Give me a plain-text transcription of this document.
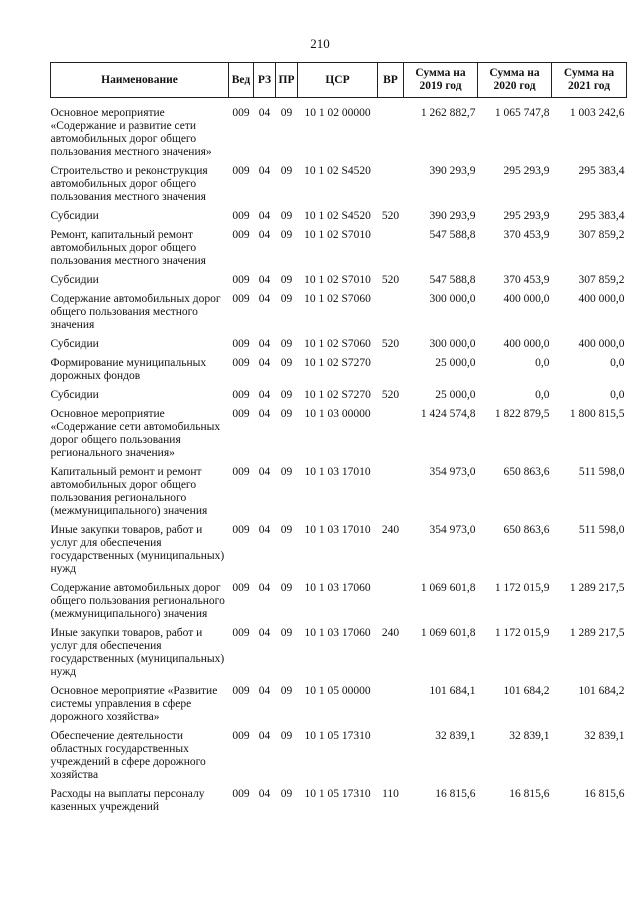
210
Наименование	Вед	РЗ	ПР	ЦСР	ВР	Сумма на 2019 год	Сумма на 2020 год	Сумма на 2021 год
Основное мероприятие «Содержание и развитие сети автомобильных дорог общего пользования местного значения»	009	04	09	10 1 02 00000		1 262 882,7	1 065 747,8	1 003 242,6
Строительство и реконструкция автомобильных дорог общего пользования местного значения	009	04	09	10 1 02 S4520		390 293,9	295 293,9	295 383,4
Субсидии	009	04	09	10 1 02 S4520	520	390 293,9	295 293,9	295 383,4
Ремонт, капитальный ремонт автомобильных дорог общего пользования местного значения	009	04	09	10 1 02 S7010		547 588,8	370 453,9	307 859,2
Субсидии	009	04	09	10 1 02 S7010	520	547 588,8	370 453,9	307 859,2
Содержание автомобильных дорог общего пользования местного значения	009	04	09	10 1 02 S7060		300 000,0	400 000,0	400 000,0
Субсидии	009	04	09	10 1 02 S7060	520	300 000,0	400 000,0	400 000,0
Формирование муниципальных дорожных фондов	009	04	09	10 1 02 S7270		25 000,0	0,0	0,0
Субсидии	009	04	09	10 1 02 S7270	520	25 000,0	0,0	0,0
Основное мероприятие «Содержание сети автомобильных дорог общего пользования регионального значения»	009	04	09	10 1 03 00000		1 424 574,8	1 822 879,5	1 800 815,5
Капитальный ремонт и ремонт автомобильных дорог общего пользования регионального (межмуниципального) значения	009	04	09	10 1 03 17010		354 973,0	650 863,6	511 598,0
Иные закупки товаров, работ и услуг для обеспечения государственных (муниципальных) нужд	009	04	09	10 1 03 17010	240	354 973,0	650 863,6	511 598,0
Содержание автомобильных дорог общего пользования регионального (межмуниципального) значения	009	04	09	10 1 03 17060		1 069 601,8	1 172 015,9	1 289 217,5
Иные закупки товаров, работ и услуг для обеспечения государственных (муниципальных) нужд	009	04	09	10 1 03 17060	240	1 069 601,8	1 172 015,9	1 289 217,5
Основное мероприятие «Развитие системы управления в сфере дорожного хозяйства»	009	04	09	10 1 05 00000		101 684,1	101 684,2	101 684,2
Обеспечение деятельности областных государственных учреждений в сфере дорожного хозяйства	009	04	09	10 1 05 17310		32 839,1	32 839,1	32 839,1
Расходы на выплаты персоналу казенных учреждений	009	04	09	10 1 05 17310	110	16 815,6	16 815,6	16 815,6
